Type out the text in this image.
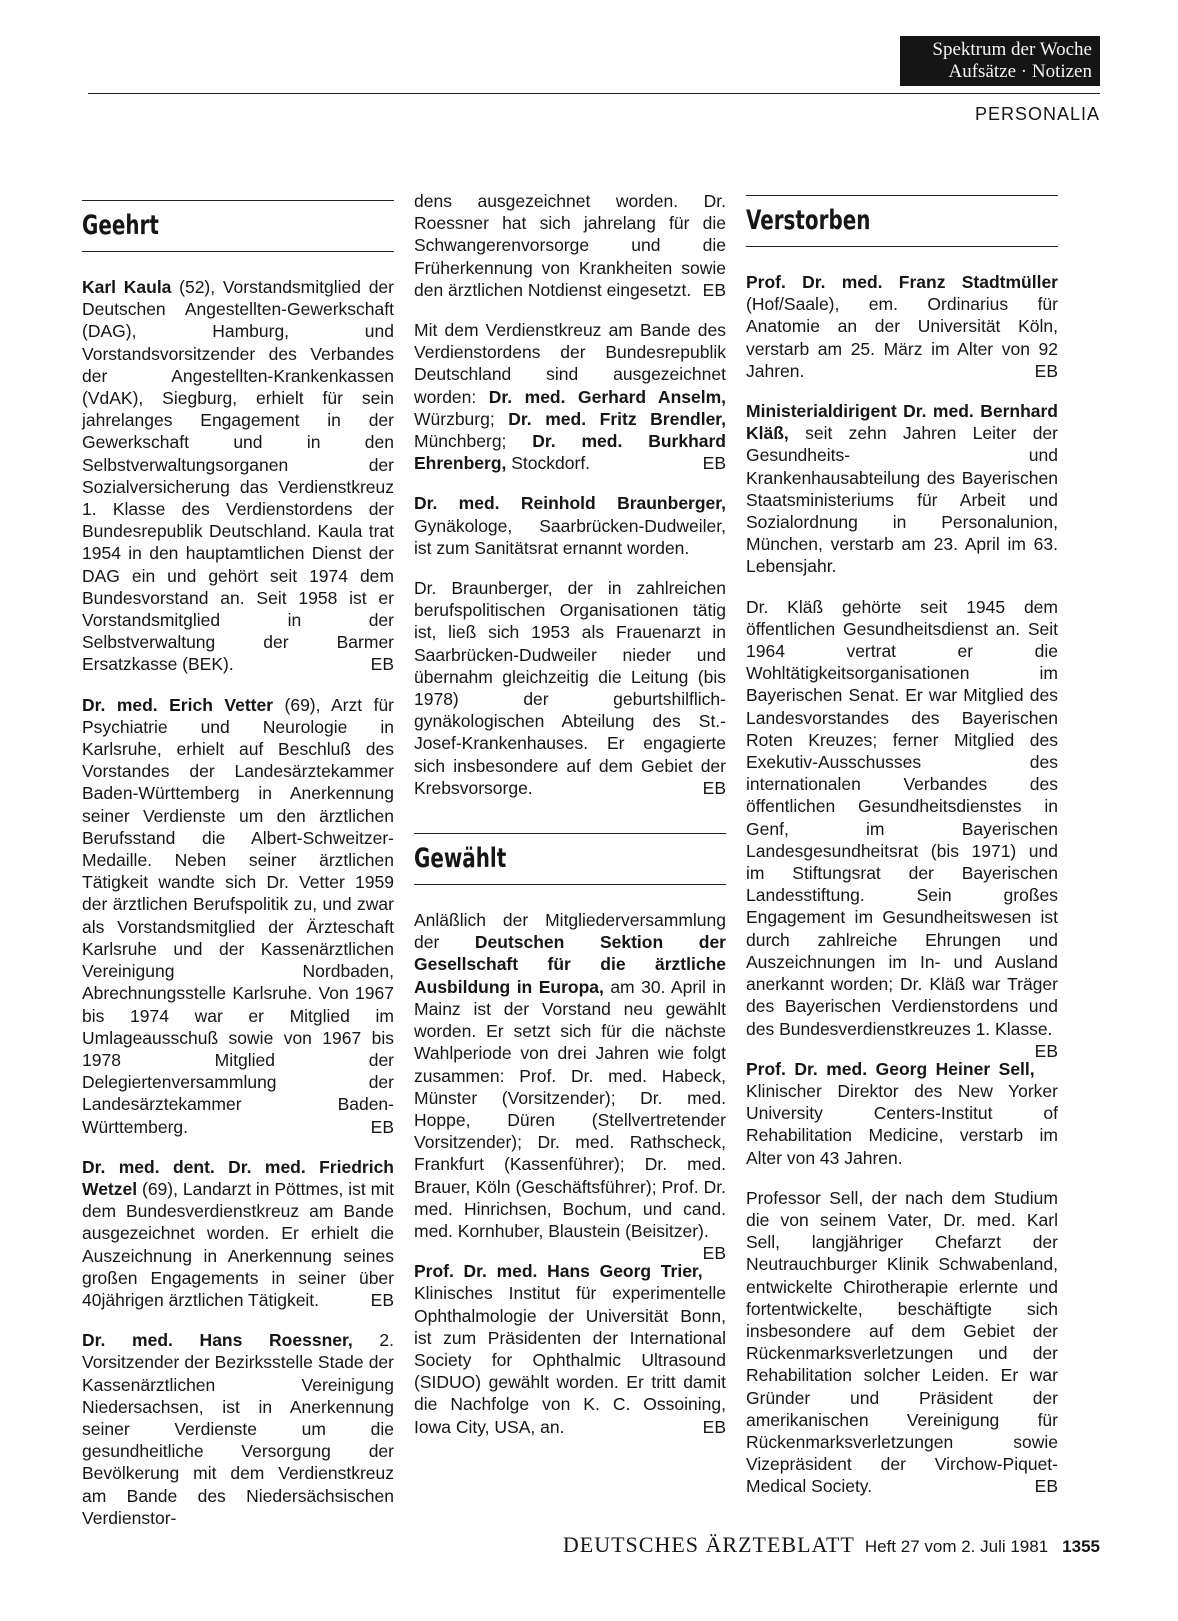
Spektrum der Woche
Aufsätze · Notizen
PERSONALIA
Geehrt

Karl Kaula (52), Vorstandsmitglied der Deutschen Angestellten-Gewerkschaft (DAG), Hamburg, und Vorstandsvorsitzender des Verbandes der Angestellten-Krankenkassen (VdAK), Siegburg, erhielt für sein jahrelanges Engagement in der Gewerkschaft und in den Selbstverwaltungsorganen der Sozialversicherung das Verdienstkreuz 1. Klasse des Verdienstordens der Bundesrepublik Deutschland. Kaula trat 1954 in den hauptamtlichen Dienst der DAG ein und gehört seit 1974 dem Bundesvorstand an. Seit 1958 ist er Vorstandsmitglied in der Selbstverwaltung der Barmer Ersatzkasse (BEK).	EB

Dr. med. Erich Vetter (69), Arzt für Psychiatrie und Neurologie in Karlsruhe, erhielt auf Beschluß des Vorstandes der Landesärztekammer Baden-Württemberg in Anerkennung seiner Verdienste um den ärztlichen Berufsstand die Albert-Schweitzer-Medaille. Neben seiner ärztlichen Tätigkeit wandte sich Dr. Vetter 1959 der ärztlichen Berufspolitik zu, und zwar als Vorstandsmitglied der Ärzteschaft Karlsruhe und der Kassenärztlichen Vereinigung Nordbaden, Abrechnungsstelle Karlsruhe. Von 1967 bis 1974 war er Mitglied im Umlageausschuß sowie von 1967 bis 1978 Mitglied der Delegiertenversammlung der Landesärztekammer Baden-Württemberg.	EB

Dr. med. dent. Dr. med. Friedrich Wetzel (69), Landarzt in Pöttmes, ist mit dem Bundesverdienstkreuz am Bande ausgezeichnet worden. Er erhielt die Auszeichnung in Anerkennung seines großen Engagements in seiner über 40jährigen ärztlichen Tätigkeit.	EB

Dr. med. Hans Roessner, 2. Vorsitzender der Bezirksstelle Stade der Kassenärztlichen Vereinigung Niedersachsen, ist in Anerkennung seiner Verdienste um die gesundheitliche Versorgung der Bevölkerung mit dem Verdienstkreuz am Bande des Niedersächsischen Verdienstor-

dens ausgezeichnet worden. Dr. Roessner hat sich jahrelang für die Schwangerenvorsorge und die Früherkennung von Krankheiten sowie den ärztlichen Notdienst eingesetzt. EB

Mit dem Verdienstkreuz am Bande des Verdienstordens der Bundesrepublik Deutschland sind ausgezeichnet worden: Dr. med. Gerhard Anselm, Würzburg; Dr. med. Fritz Brendler, Münchberg; Dr. med. Burkhard Ehrenberg, Stockdorf.	EB

Dr. med. Reinhold Braunberger, Gynäkologe, Saarbrücken-Dudweiler, ist zum Sanitätsrat ernannt worden.

Dr. Braunberger, der in zahlreichen berufspolitischen Organisationen tätig ist, ließ sich 1953 als Frauenarzt in Saarbrücken-Dudweiler nieder und übernahm gleichzeitig die Leitung (bis 1978) der geburtshilflich-gynäkologischen Abteilung des St.-Josef-Krankenhauses. Er engagierte sich insbesondere auf dem Gebiet der Krebsvorsorge.	EB

Gewählt

Anläßlich der Mitgliederversammlung der Deutschen Sektion der Gesellschaft für die ärztliche Ausbildung in Europa, am 30. April in Mainz ist der Vorstand neu gewählt worden. Er setzt sich für die nächste Wahlperiode von drei Jahren wie folgt zusammen: Prof. Dr. med. Habeck, Münster (Vorsitzender); Dr. med. Hoppe, Düren (Stellvertretender Vorsitzender); Dr. med. Rathscheck, Frankfurt (Kassenführer); Dr. med. Brauer, Köln (Geschäftsführer); Prof. Dr. med. Hinrichsen, Bochum, und cand. med. Kornhuber, Blaustein (Beisitzer).
EB

Prof. Dr. med. Hans Georg Trier, Klinisches Institut für experimentelle Ophthalmologie der Universität Bonn, ist zum Präsidenten der International Society for Ophthalmic Ultrasound (SIDUO) gewählt worden. Er tritt damit die Nachfolge von K. C. Ossoining, Iowa City, USA, an.	EB

Verstorben

Prof. Dr. med. Franz Stadtmüller (Hof/Saale), em. Ordinarius für Anatomie an der Universität Köln, verstarb am 25. März im Alter von 92 Jahren.	EB

Ministerialdirigent Dr. med. Bernhard Kläß, seit zehn Jahren Leiter der Gesundheits- und Krankenhausabteilung des Bayerischen Staatsministeriums für Arbeit und Sozialordnung in Personalunion, München, verstarb am 23. April im 63. Lebensjahr.

Dr. Kläß gehörte seit 1945 dem öffentlichen Gesundheitsdienst an. Seit 1964 vertrat er die Wohltätigkeitsorganisationen im Bayerischen Senat. Er war Mitglied des Landesvorstandes des Bayerischen Roten Kreuzes; ferner Mitglied des Exekutiv-Ausschusses des internationalen Verbandes des öffentlichen Gesundheitsdienstes in Genf, im Bayerischen Landesgesundheitsrat (bis 1971) und im Stiftungsrat der Bayerischen Landesstiftung. Sein großes Engagement im Gesundheitswesen ist durch zahlreiche Ehrungen und Auszeichnungen im In- und Ausland anerkannt worden; Dr. Kläß war Träger des Bayerischen Verdienstordens und des Bundesverdienstkreuzes 1. Klasse.
EB

Prof. Dr. med. Georg Heiner Sell, Klinischer Direktor des New Yorker University Centers-Institut of Rehabilitation Medicine, verstarb im Alter von 43 Jahren.

Professor Sell, der nach dem Studium die von seinem Vater, Dr. med. Karl Sell, langjähriger Chefarzt der Neutrauchburger Klinik Schwabenland, entwickelte Chirotherapie erlernte und fortentwickelte, beschäftigte sich insbesondere auf dem Gebiet der Rückenmarksverletzungen und der Rehabilitation solcher Leiden. Er war Gründer und Präsident der amerikanischen Vereinigung für Rückenmarksverletzungen sowie Vizepräsident der Virchow-Piquet-Medical Society.	EB

DEUTSCHES ÄRZTEBLATT Heft 27 vom 2. Juli 1981 1355
